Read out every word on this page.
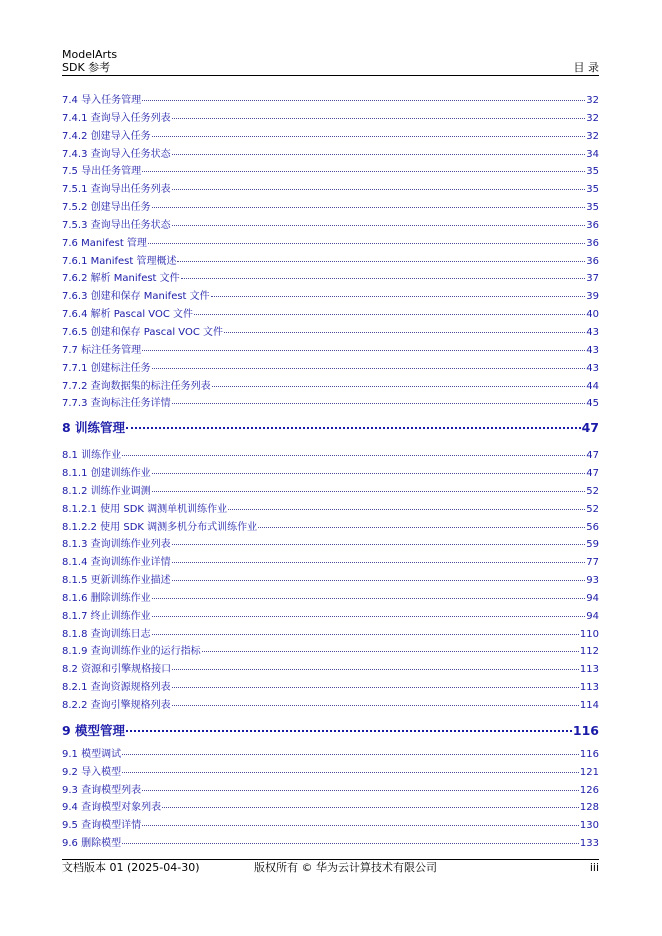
ModelArts
SDK 参考	目 录
7.4 导入任务管理	32
7.4.1 查询导入任务列表	32
7.4.2 创建导入任务	32
7.4.3 查询导入任务状态	34
7.5 导出任务管理	35
7.5.1 查询导出任务列表	35
7.5.2 创建导出任务	35
7.5.3 查询导出任务状态	36
7.6 Manifest 管理	36
7.6.1 Manifest 管理概述	36
7.6.2 解析 Manifest 文件	37
7.6.3 创建和保存 Manifest 文件	39
7.6.4 解析 Pascal VOC 文件	40
7.6.5 创建和保存 Pascal VOC 文件	43
7.7 标注任务管理	43
7.7.1 创建标注任务	43
7.7.2 查询数据集的标注任务列表	44
7.7.3 查询标注任务详情	45
8 训练管理	47
8.1 训练作业	47
8.1.1 创建训练作业	47
8.1.2 训练作业调测	52
8.1.2.1 使用 SDK 调测单机训练作业	52
8.1.2.2 使用 SDK 调测多机分布式训练作业	56
8.1.3 查询训练作业列表	59
8.1.4 查询训练作业详情	77
8.1.5 更新训练作业描述	93
8.1.6 删除训练作业	94
8.1.7 终止训练作业	94
8.1.8 查询训练日志	110
8.1.9 查询训练作业的运行指标	112
8.2 资源和引擎规格接口	113
8.2.1 查询资源规格列表	113
8.2.2 查询引擎规格列表	114
9 模型管理	116
9.1 模型调试	116
9.2 导入模型	121
9.3 查询模型列表	126
9.4 查询模型对象列表	128
9.5 查询模型详情	130
9.6 删除模型	133
文档版本 01 (2025-04-30)	版权所有 © 华为云计算技术有限公司	iii
